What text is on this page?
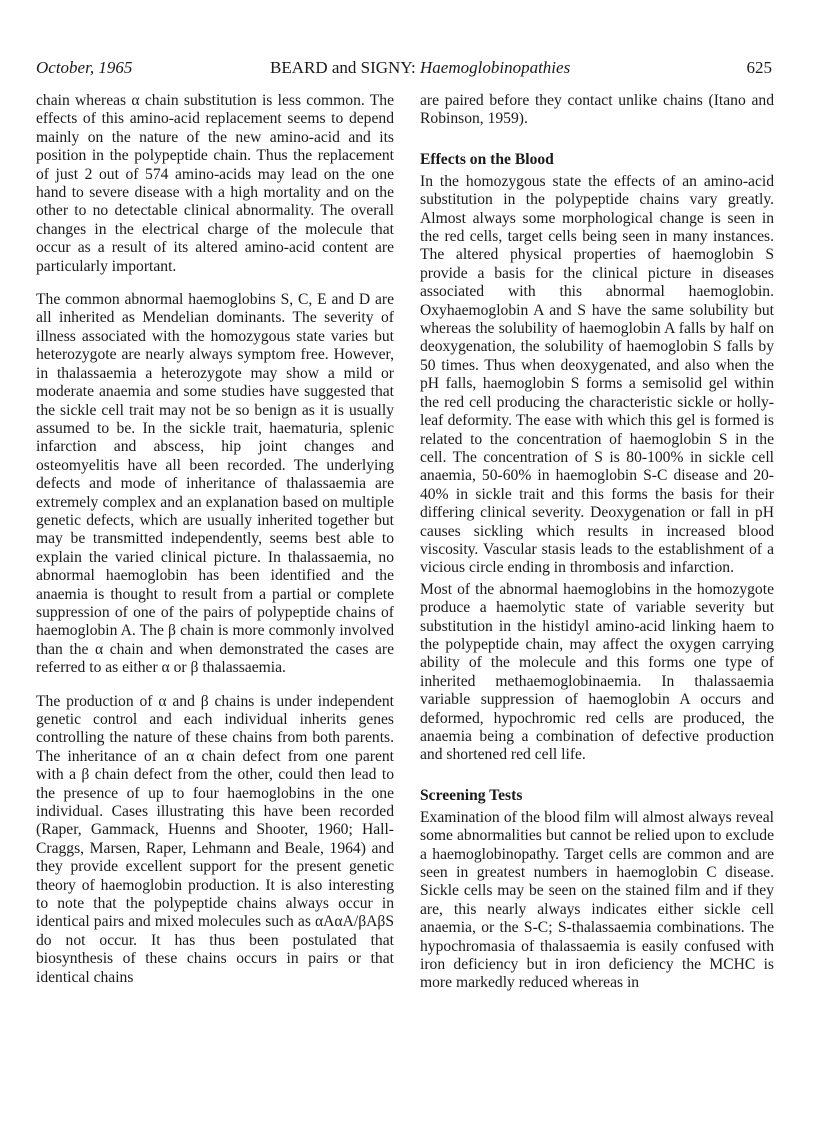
October, 1965	BEARD and SIGNY: Haemoglobinopathies	625

chain whereas α chain substitution is less common. The effects of this amino-acid replacement seems to depend mainly on the nature of the new amino-acid and its position in the polypeptide chain. Thus the replacement of just 2 out of 574 amino-acids may lead on the one hand to severe disease with a high mortality and on the other to no detectable clinical abnormality. The overall changes in the electrical charge of the molecule that occur as a result of its altered amino-acid content are particularly important.

The common abnormal haemoglobins S, C, E and D are all inherited as Mendelian dominants. The severity of illness associated with the homozygous state varies but heterozygote are nearly always symptom free. However, in thalassaemia a heterozygote may show a mild or moderate anaemia and some studies have suggested that the sickle cell trait may not be so benign as it is usually assumed to be. In the sickle trait, haematuria, splenic infarction and abscess, hip joint changes and osteomyelitis have all been recorded. The underlying defects and mode of inheritance of thalassaemia are extremely complex and an explanation based on multiple genetic defects, which are usually inherited together but may be transmitted independently, seems best able to explain the varied clinical picture. In thalassaemia, no abnormal haemoglobin has been identified and the anaemia is thought to result from a partial or complete suppression of one of the pairs of polypeptide chains of haemoglobin A. The β chain is more commonly involved than the α chain and when demonstrated the cases are referred to as either α or β thalassaemia.

The production of α and β chains is under independent genetic control and each individual inherits genes controlling the nature of these chains from both parents. The inheritance of an α chain defect from one parent with a β chain defect from the other, could then lead to the presence of up to four haemoglobins in the one individual. Cases illustrating this have been recorded (Raper, Gammack, Huenns and Shooter, 1960; Hall-Craggs, Marsen, Raper, Lehmann and Beale, 1964) and they provide excellent support for the present genetic theory of haemoglobin production. It is also interesting to note that the polypeptide chains always occur in identical pairs and mixed molecules such as αAαA/βAβS do not occur. It has thus been postulated that biosynthesis of these chains occurs in pairs or that identical chains

are paired before they contact unlike chains (Itano and Robinson, 1959).

Effects on the Blood

In the homozygous state the effects of an amino-acid substitution in the polypeptide chains vary greatly. Almost always some morphological change is seen in the red cells, target cells being seen in many instances. The altered physical properties of haemoglobin S provide a basis for the clinical picture in diseases associated with this abnormal haemoglobin. Oxyhaemoglobin A and S have the same solubility but whereas the solubility of haemoglobin A falls by half on deoxygenation, the solubility of haemoglobin S falls by 50 times. Thus when deoxygenated, and also when the pH falls, haemoglobin S forms a semisolid gel within the red cell producing the characteristic sickle or holly-leaf deformity. The ease with which this gel is formed is related to the concentration of haemoglobin S in the cell. The concentration of S is 80-100% in sickle cell anaemia, 50-60% in haemoglobin S-C disease and 20-40% in sickle trait and this forms the basis for their differing clinical severity. Deoxygenation or fall in pH causes sickling which results in increased blood viscosity. Vascular stasis leads to the establishment of a vicious circle ending in thrombosis and infarction.

Most of the abnormal haemoglobins in the homozygote produce a haemolytic state of variable severity but substitution in the histidyl amino-acid linking haem to the polypeptide chain, may affect the oxygen carrying ability of the molecule and this forms one type of inherited methaemoglobinaemia. In thalassaemia variable suppression of haemoglobin A occurs and deformed, hypochromic red cells are produced, the anaemia being a combination of defective production and shortened red cell life.

Screening Tests

Examination of the blood film will almost always reveal some abnormalities but cannot be relied upon to exclude a haemoglobinopathy. Target cells are common and are seen in greatest numbers in haemoglobin C disease. Sickle cells may be seen on the stained film and if they are, this nearly always indicates either sickle cell anaemia, or the S-C; S-thalassaemia combinations. The hypochromasia of thalassaemia is easily confused with iron deficiency but in iron deficiency the MCHC is more markedly reduced whereas in
